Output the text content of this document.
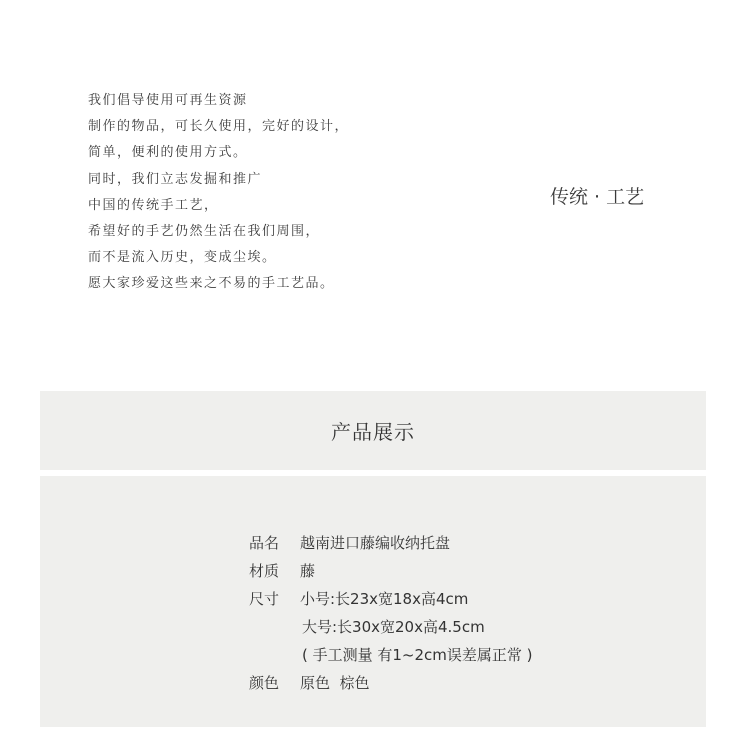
我们倡导使用可再生资源
制作的物品，可长久使用，完好的设计，
简单，便利的使用方式。
同时，我们立志发掘和推广
中国的传统手工艺，
希望好的手艺仍然生活在我们周围，
而不是流入历史，变成尘埃。
愿大家珍爱这些来之不易的手工艺品。
传统 · 工艺
产品展示
品名	越南进口藤编收纳托盘
材质	藤
尺寸	小号:长23x宽18x高4cm
大号:长30x宽20x高4.5cm
( 手工测量 有1~2cm误差属正常 )
颜色	原色  棕色
